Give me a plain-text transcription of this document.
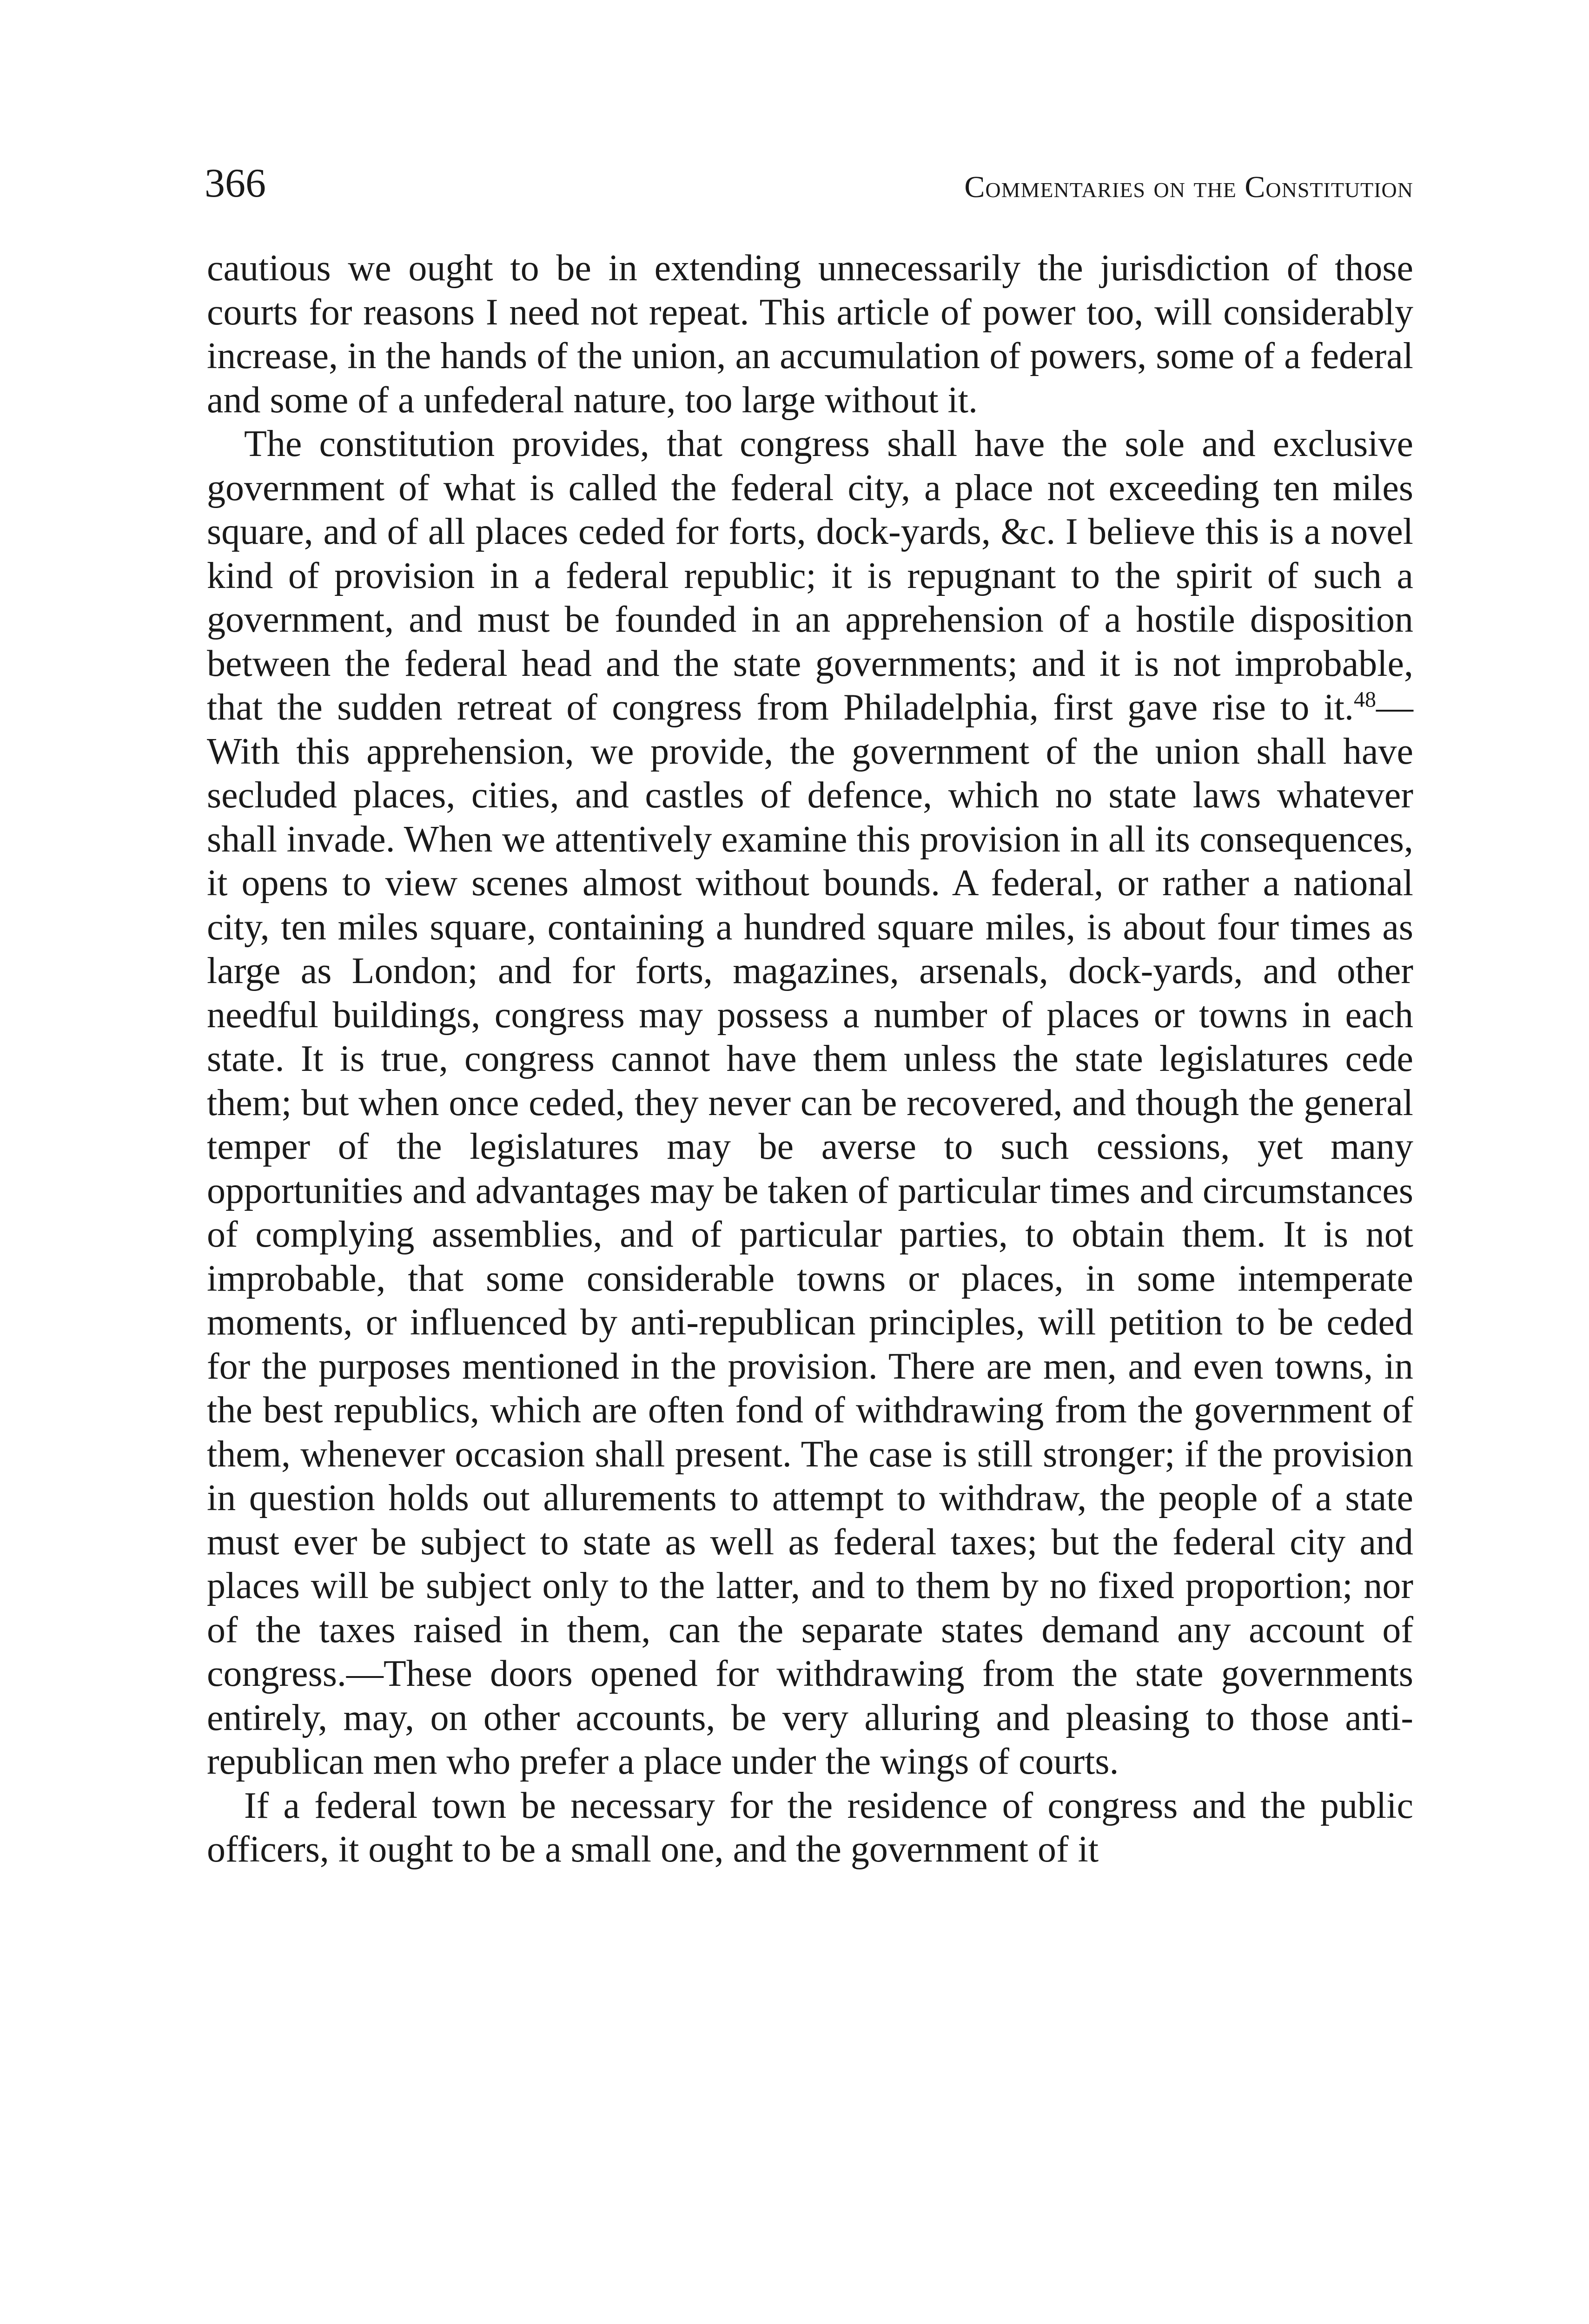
366	Commentaries on the Constitution

cautious we ought to be in extending unnecessarily the jurisdiction of those courts for reasons I need not repeat. This article of power too, will considerably increase, in the hands of the union, an accumulation of powers, some of a federal and some of a unfederal nature, too large without it.

The constitution provides, that congress shall have the sole and exclusive government of what is called the federal city, a place not exceeding ten miles square, and of all places ceded for forts, dock-yards, &c. I believe this is a novel kind of provision in a federal republic; it is repugnant to the spirit of such a government, and must be founded in an apprehension of a hostile disposition between the federal head and the state governments; and it is not improbable, that the sudden retreat of congress from Philadelphia, first gave rise to it.$^{48}$—With this apprehension, we provide, the government of the union shall have secluded places, cities, and castles of defence, which no state laws whatever shall invade. When we attentively examine this provision in all its consequences, it opens to view scenes almost without bounds. A federal, or rather a national city, ten miles square, containing a hundred square miles, is about four times as large as London; and for forts, magazines, arsenals, dock-yards, and other needful buildings, congress may possess a number of places or towns in each state. It is true, congress cannot have them unless the state legislatures cede them; but when once ceded, they never can be recovered, and though the general temper of the legislatures may be averse to such cessions, yet many opportunities and advantages may be taken of particular times and circumstances of complying assemblies, and of particular parties, to obtain them. It is not improbable, that some considerable towns or places, in some intemperate moments, or influenced by anti-republican principles, will petition to be ceded for the purposes mentioned in the provision. There are men, and even towns, in the best republics, which are often fond of withdrawing from the government of them, whenever occasion shall present. The case is still stronger; if the provision in question holds out allurements to attempt to withdraw, the people of a state must ever be subject to state as well as federal taxes; but the federal city and places will be subject only to the latter, and to them by no fixed proportion; nor of the taxes raised in them, can the separate states demand any account of congress.—These doors opened for withdrawing from the state governments entirely, may, on other accounts, be very alluring and pleasing to those anti-republican men who prefer a place under the wings of courts.

If a federal town be necessary for the residence of congress and the public officers, it ought to be a small one, and the government of it
